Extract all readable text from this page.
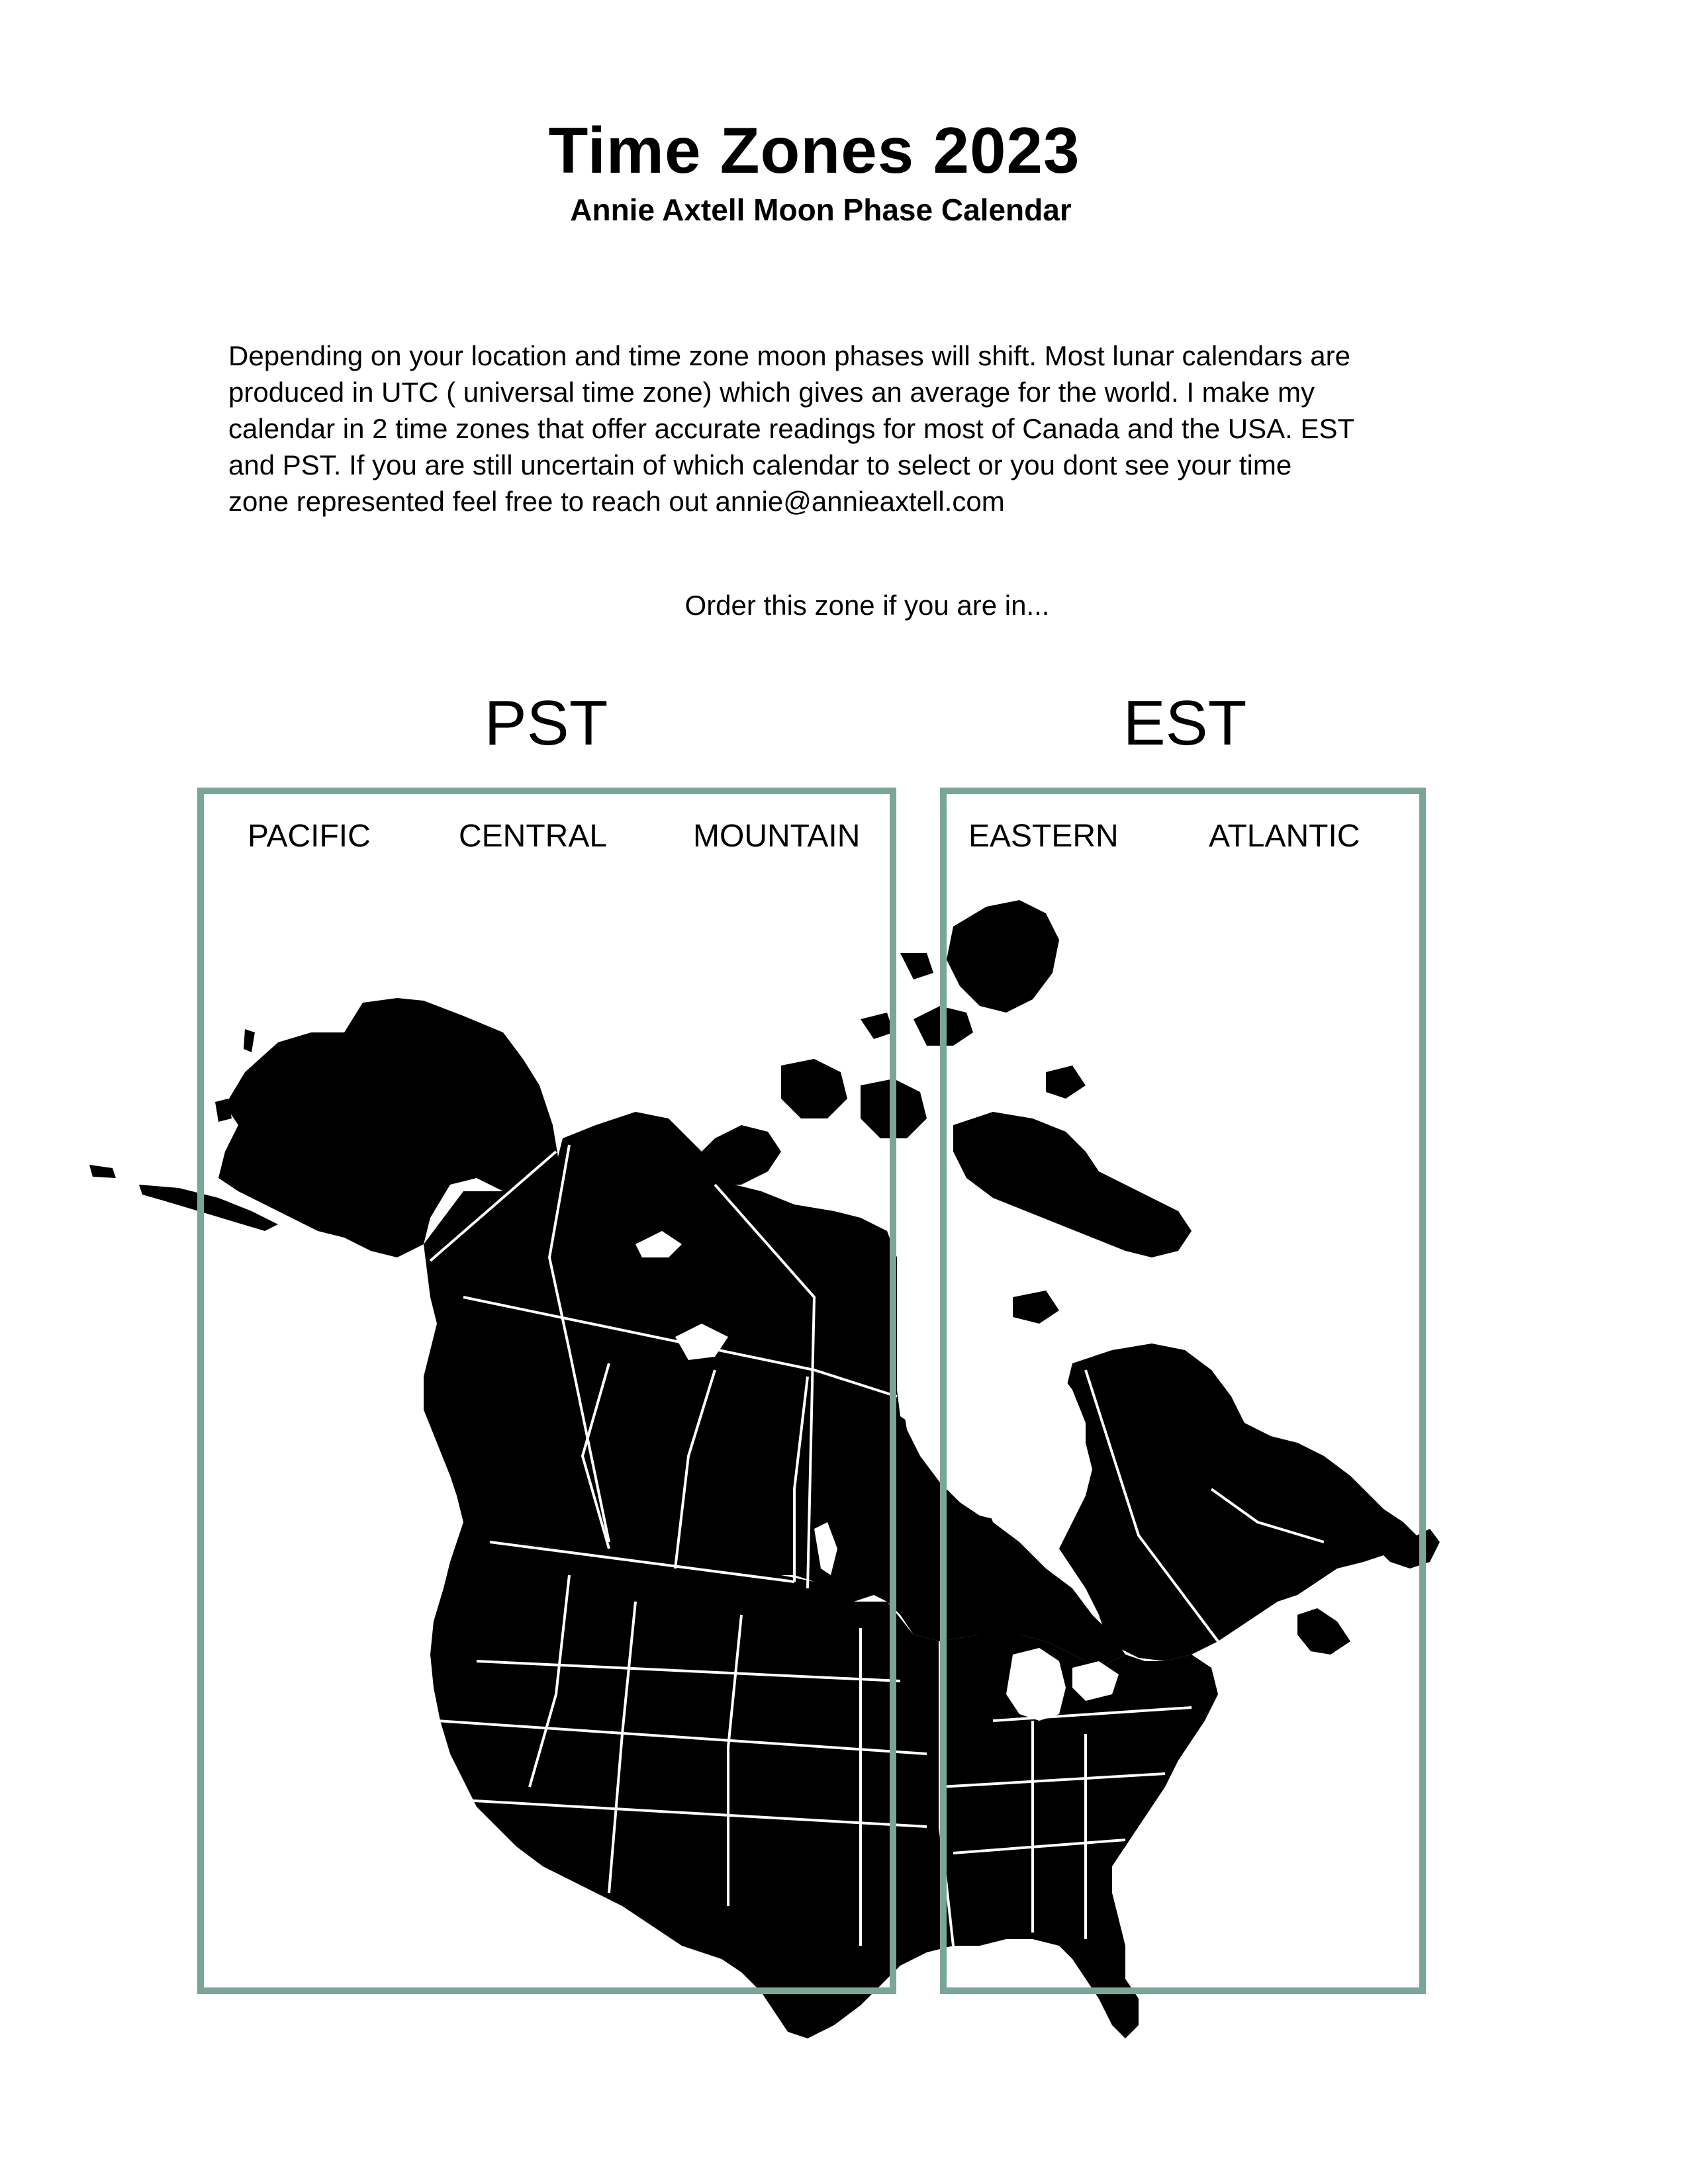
Time Zones 2023
Annie Axtell Moon Phase Calendar

Depending on your location and time zone moon phases will shift. Most lunar calendars are

produced in UTC ( universal time zone) which gives an average for the world. I make my

calendar in 2 time zones that offer accurate readings for most of Canada and the USA. EST

and PST. If you are still uncertain of which calendar to select or you dont see your time

zone represented feel free to reach out annie@annieaxtell.com

Order this zone if you are in...
PST	EST
PACIFIC	CENTRAL	MOUNTAIN	EASTERN	ATLANTIC
